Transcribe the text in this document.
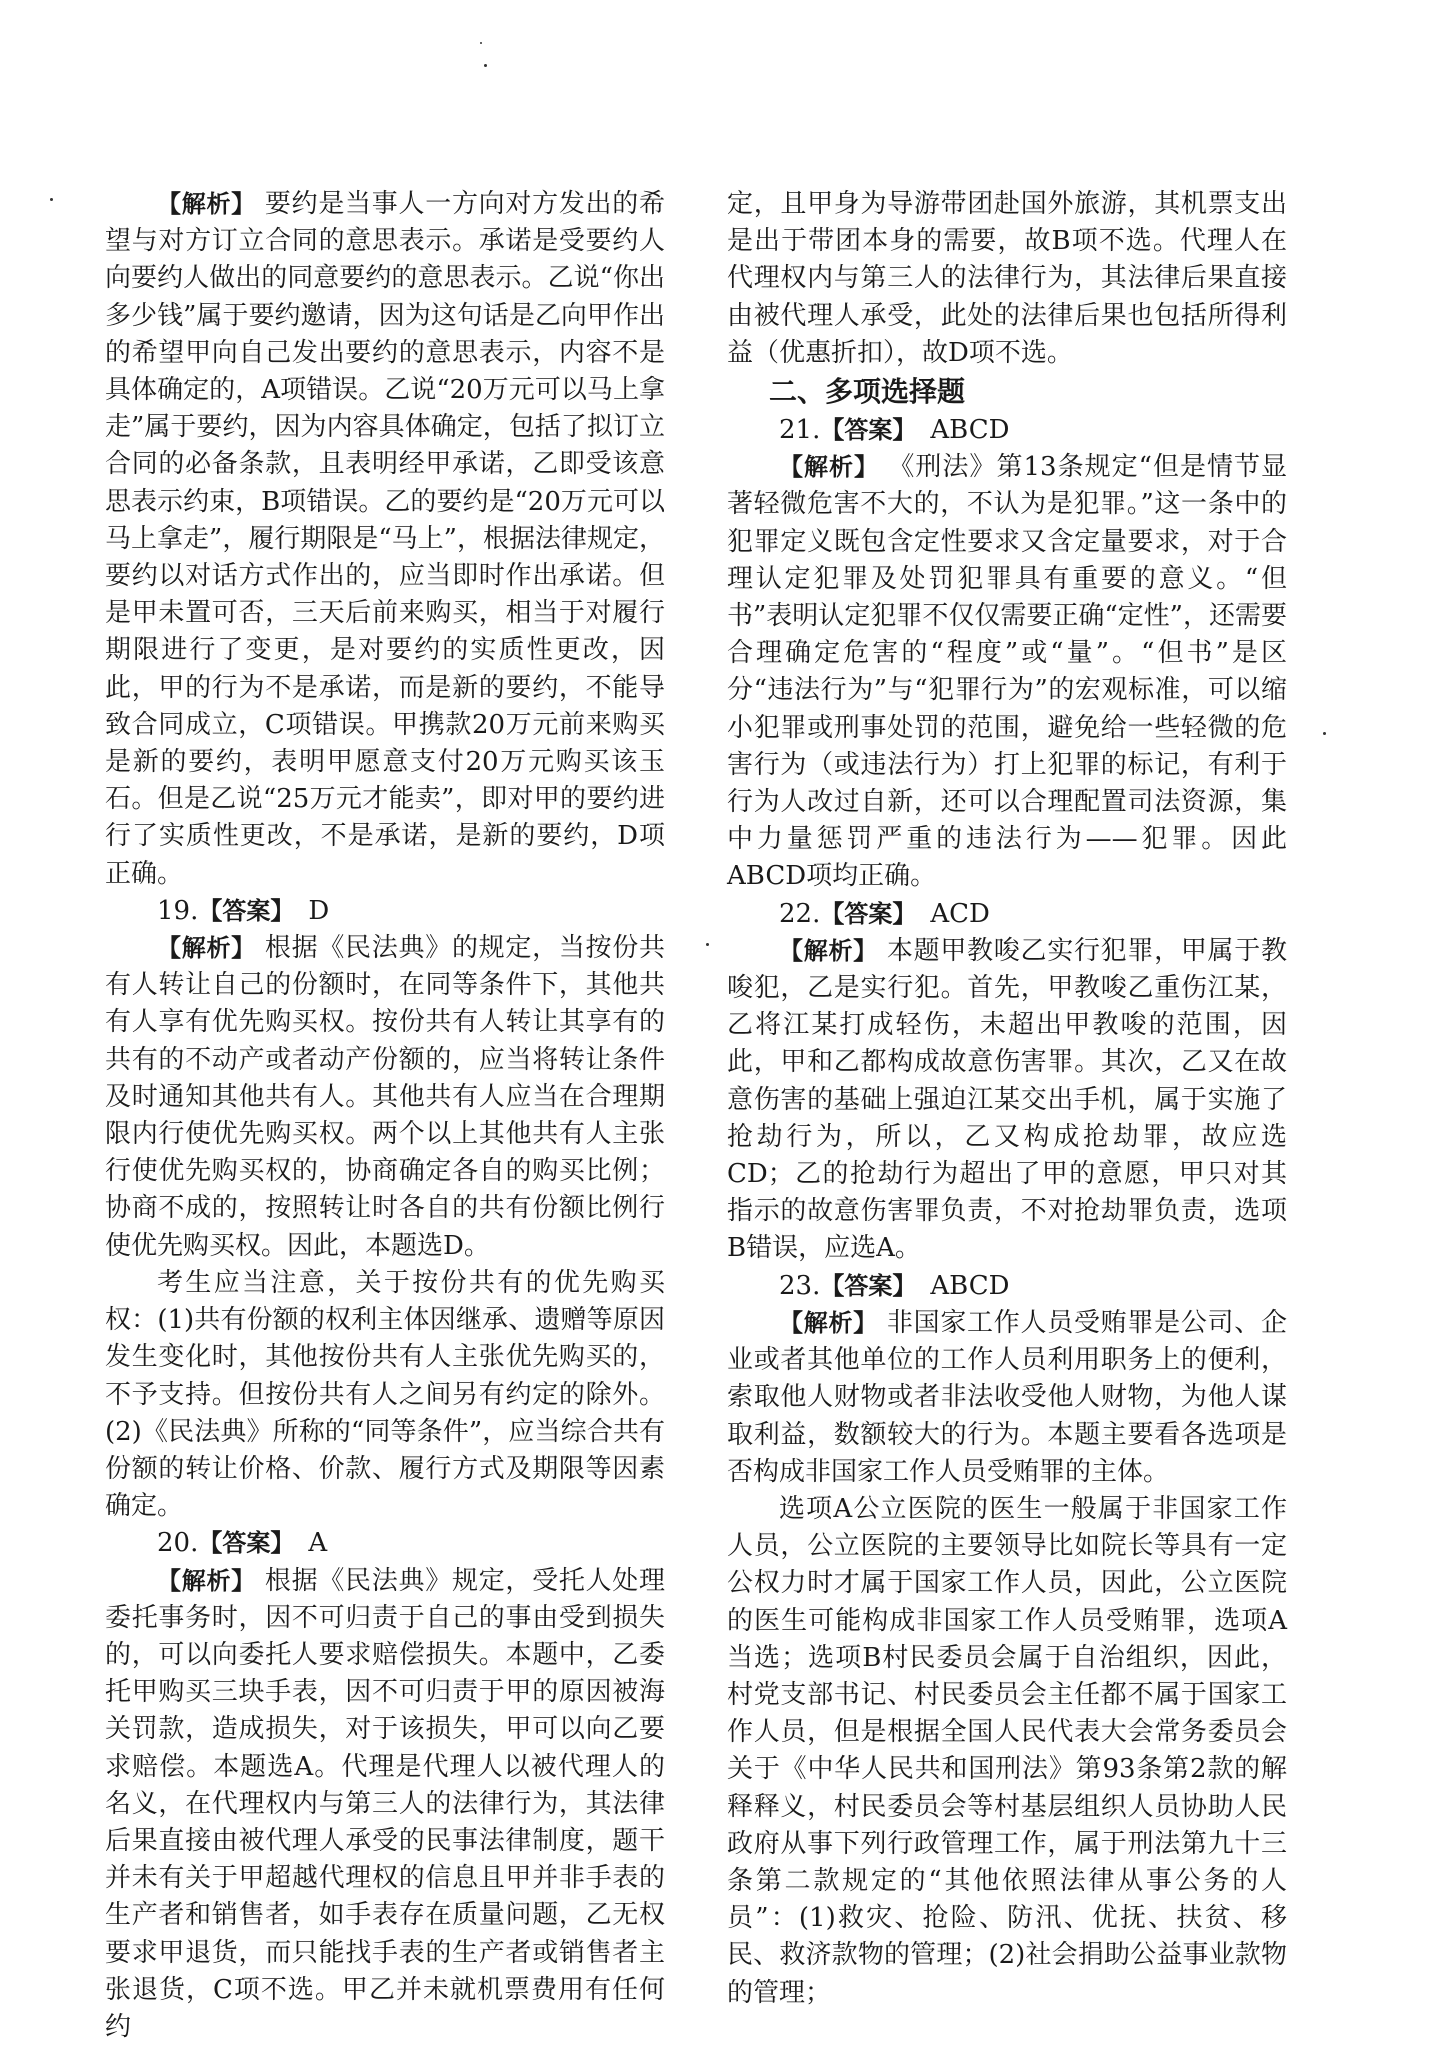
【解析】 要约是当事人一方向对方发出的希望与对方订立合同的意思表示。承诺是受要约人向要约人做出的同意要约的意思表示。乙说“你出多少钱”属于要约邀请，因为这句话是乙向甲作出的希望甲向自己发出要约的意思表示，内容不是具体确定的，A项错误。乙说“20万元可以马上拿走”属于要约，因为内容具体确定，包括了拟订立合同的必备条款，且表明经甲承诺，乙即受该意思表示约束，B项错误。乙的要约是“20万元可以马上拿走”，履行期限是“马上”，根据法律规定，要约以对话方式作出的，应当即时作出承诺。但是甲未置可否，三天后前来购买，相当于对履行期限进行了变更，是对要约的实质性更改，因此，甲的行为不是承诺，而是新的要约，不能导致合同成立，C项错误。甲携款20万元前来购买是新的要约，表明甲愿意支付20万元购买该玉石。但是乙说“25万元才能卖”，即对甲的要约进行了实质性更改，不是承诺，是新的要约，D项正确。

19.【答案】　 D

【解析】 根据《民法典》的规定，当按份共有人转让自己的份额时，在同等条件下，其他共有人享有优先购买权。按份共有人转让其享有的共有的不动产或者动产份额的，应当将转让条件及时通知其他共有人。其他共有人应当在合理期限内行使优先购买权。两个以上其他共有人主张行使优先购买权的，协商确定各自的购买比例；协商不成的，按照转让时各自的共有份额比例行使优先购买权。因此，本题选D。

考生应当注意，关于按份共有的优先购买权：(1)共有份额的权利主体因继承、遗赠等原因发生变化时，其他按份共有人主张优先购买的，不予支持。但按份共有人之间另有约定的除外。(2)《民法典》所称的“同等条件”，应当综合共有份额的转让价格、价款、履行方式及期限等因素确定。

20.【答案】　 A

【解析】 根据《民法典》规定，受托人处理委托事务时，因不可归责于自己的事由受到损失的，可以向委托人要求赔偿损失。本题中，乙委托甲购买三块手表，因不可归责于甲的原因被海关罚款，造成损失，对于该损失，甲可以向乙要求赔偿。本题选A。代理是代理人以被代理人的名义，在代理权内与第三人的法律行为，其法律后果直接由被代理人承受的民事法律制度，题干并未有关于甲超越代理权的信息且甲并非手表的生产者和销售者，如手表存在质量问题，乙无权要求甲退货，而只能找手表的生产者或销售者主张退货，C项不选。甲乙并未就机票费用有任何约

定，且甲身为导游带团赴国外旅游，其机票支出是出于带团本身的需要，故B项不选。代理人在代理权内与第三人的法律行为，其法律后果直接由被代理人承受，此处的法律后果也包括所得利益（优惠折扣），故D项不选。

二、多项选择题

21.【答案】　 ABCD

【解析】 《刑法》第13条规定“但是情节显著轻微危害不大的，不认为是犯罪。”这一条中的犯罪定义既包含定性要求又含定量要求，对于合理认定犯罪及处罚犯罪具有重要的意义。“但书”表明认定犯罪不仅仅需要正确“定性”，还需要合理确定危害的“程度”或“量”。“但书”是区分“违法行为”与“犯罪行为”的宏观标准，可以缩小犯罪或刑事处罚的范围，避免给一些轻微的危害行为（或违法行为）打上犯罪的标记，有利于行为人改过自新，还可以合理配置司法资源，集中力量惩罚严重的违法行为——犯罪。因此ABCD项均正确。

22.【答案】　 ACD

【解析】 本题甲教唆乙实行犯罪，甲属于教唆犯，乙是实行犯。首先，甲教唆乙重伤江某，乙将江某打成轻伤，未超出甲教唆的范围，因此，甲和乙都构成故意伤害罪。其次，乙又在故意伤害的基础上强迫江某交出手机，属于实施了抢劫行为，所以，乙又构成抢劫罪，故应选CD；乙的抢劫行为超出了甲的意愿，甲只对其指示的故意伤害罪负责，不对抢劫罪负责，选项B错误，应选A。

23.【答案】　 ABCD

【解析】 非国家工作人员受贿罪是公司、企业或者其他单位的工作人员利用职务上的便利，索取他人财物或者非法收受他人财物，为他人谋取利益，数额较大的行为。本题主要看各选项是否构成非国家工作人员受贿罪的主体。

选项A公立医院的医生一般属于非国家工作人员，公立医院的主要领导比如院长等具有一定公权力时才属于国家工作人员，因此，公立医院的医生可能构成非国家工作人员受贿罪，选项A当选；选项B村民委员会属于自治组织，因此，村党支部书记、村民委员会主任都不属于国家工作人员，但是根据全国人民代表大会常务委员会关于《中华人民共和国刑法》第93条第2款的解释释义，村民委员会等村基层组织人员协助人民政府从事下列行政管理工作，属于刑法第九十三条第二款规定的“其他依照法律从事公务的人员”：(1)救灾、抢险、防汛、优抚、扶贫、移民、救济款物的管理；(2)社会捐助公益事业款物的管理；
